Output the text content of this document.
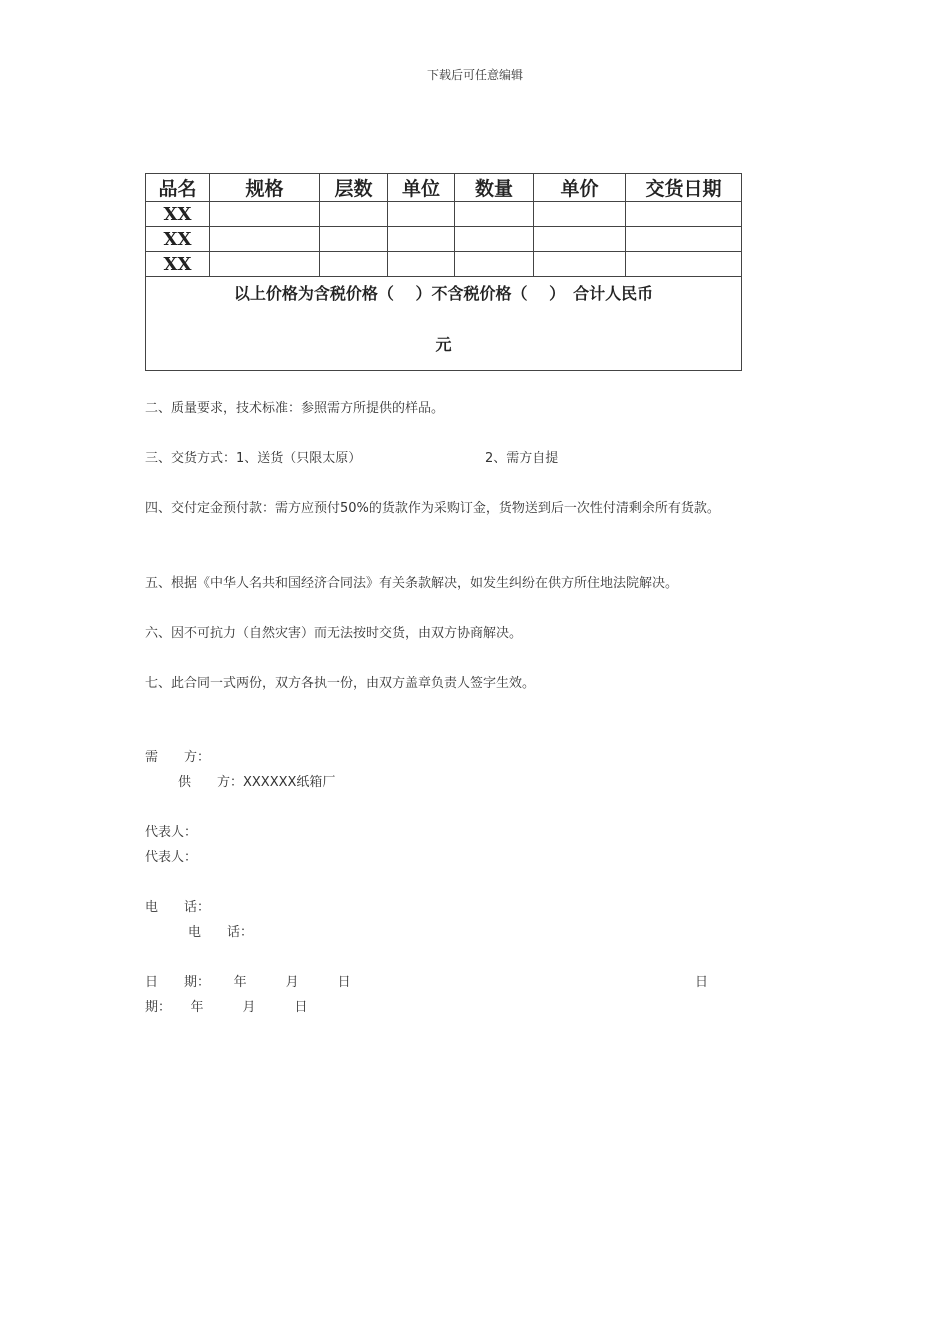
下载后可任意编辑
品名	规格	层数	单位	数量	单价	交货日期
XX						
XX						
XX						

以上价格为含税价格（　 ）不含税价格（　 ）　合计人民币
元						
二、质量要求，技术标准：参照需方所提供的样品。
三、交货方式：1、送货（只限太原）	2、需方自提
四、交付定金预付款：需方应预付50%的货款作为采购订金，货物送到后一次性付清剩余所有货款。
五、根据《中华人名共和国经济合同法》有关条款解决，如发生纠纷在供方所住地法院解决。
六、因不可抗力（自然灾害）而无法按时交货，由双方协商解决。
七、此合同一式两份，双方各执一份，由双方盖章负责人签字生效。
需　　方：
供　　方：XXXXXX纸箱厂
代表人：
代表人：
电　　话：
电　　话：
日　　期：　　 年　　　月　　　日	日
期：　　年　　　月　　　日
